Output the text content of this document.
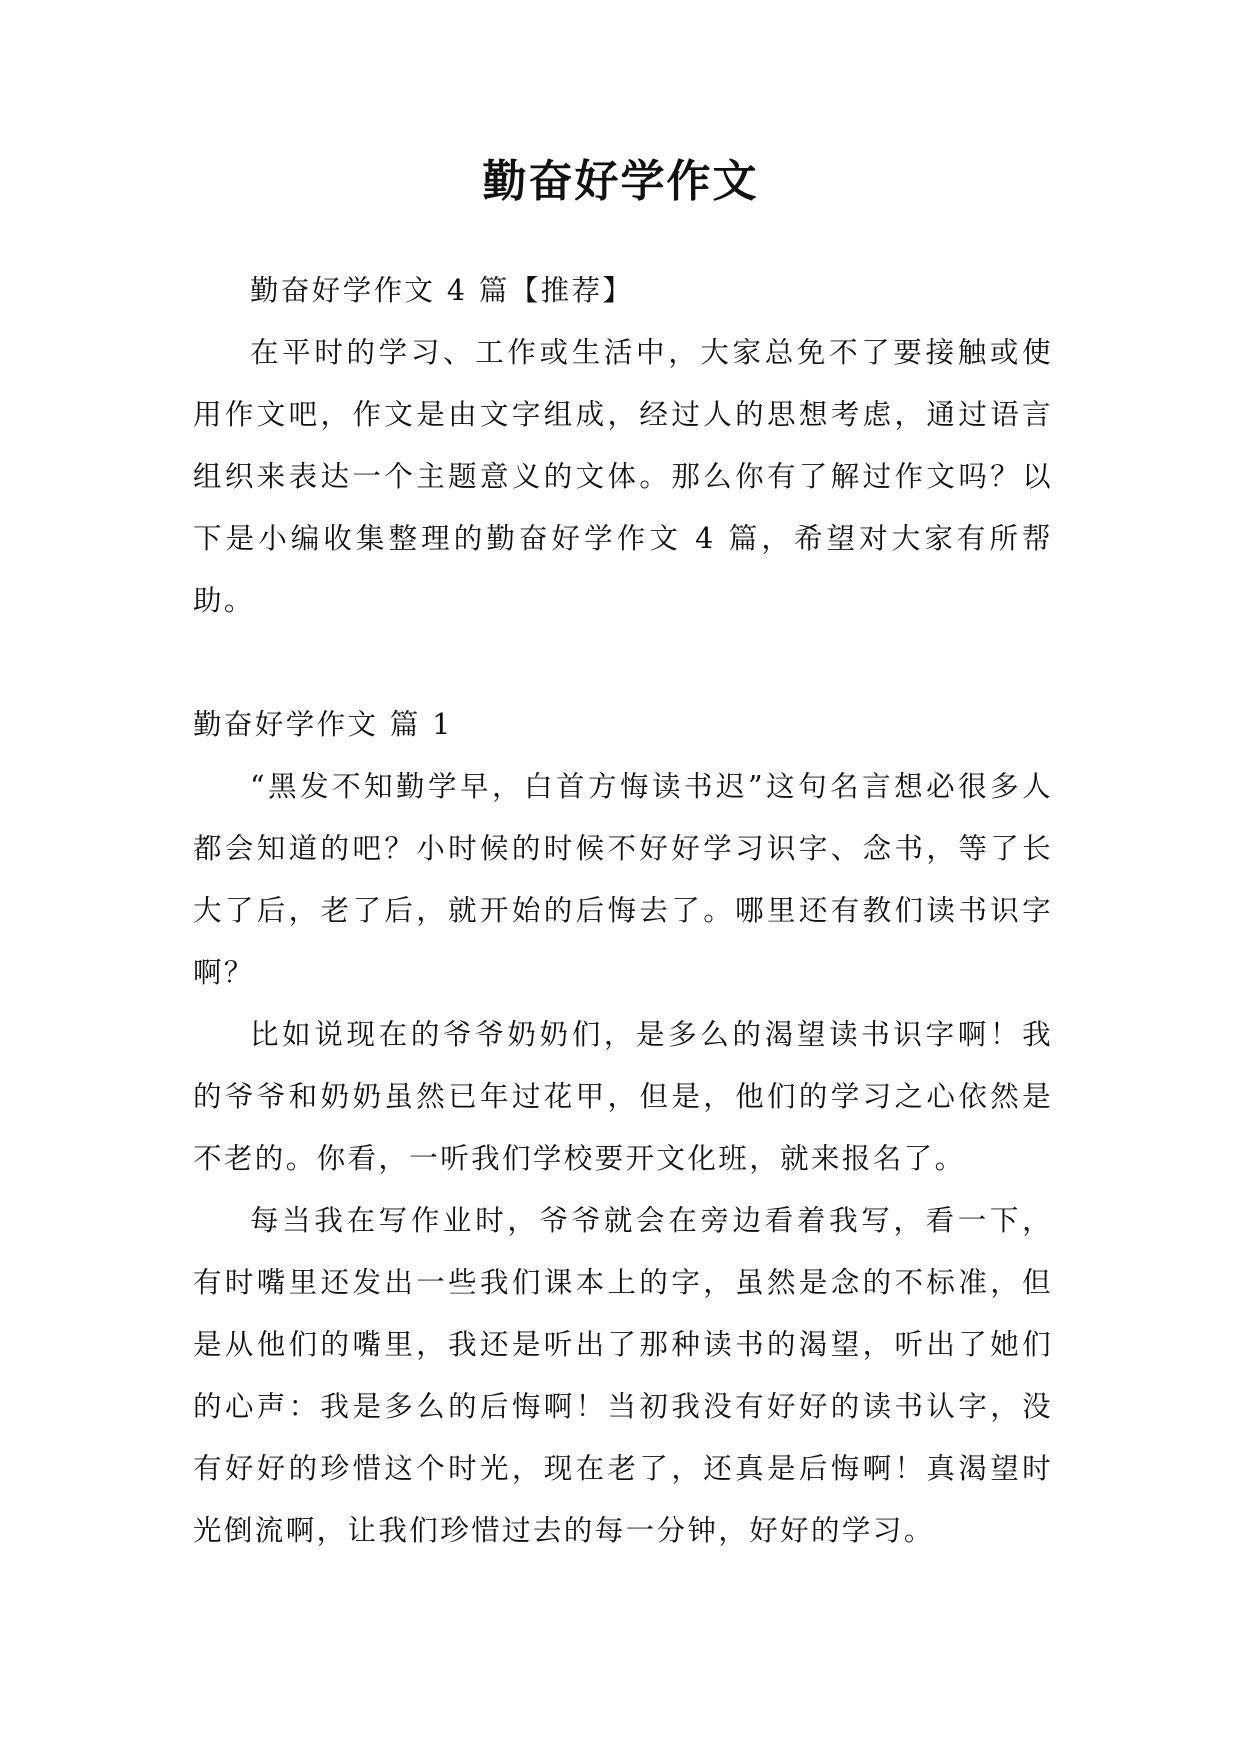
勤奋好学作文

勤奋好学作文 4 篇【推荐】

在平时的学习、工作或生活中，大家总免不了要接触或使用作文吧，作文是由文字组成，经过人的思想考虑，通过语言组织来表达一个主题意义的文体。那么你有了解过作文吗？以下是小编收集整理的勤奋好学作文 4 篇，希望对大家有所帮助。

勤奋好学作文 篇 1

“黑发不知勤学早，白首方悔读书迟”这句名言想必很多人都会知道的吧？小时候的时候不好好学习识字、念书，等了长大了后，老了后，就开始的后悔去了。哪里还有教们读书识字啊？

比如说现在的爷爷奶奶们，是多么的渴望读书识字啊！我的爷爷和奶奶虽然已年过花甲，但是，他们的学习之心依然是不老的。你看，一听我们学校要开文化班，就来报名了。

每当我在写作业时，爷爷就会在旁边看着我写，看一下，有时嘴里还发出一些我们课本上的字，虽然是念的不标准，但是从他们的嘴里，我还是听出了那种读书的渴望，听出了她们的心声：我是多么的后悔啊！当初我没有好好的读书认字，没有好好的珍惜这个时光，现在老了，还真是后悔啊！真渴望时光倒流啊，让我们珍惜过去的每一分钟，好好的学习。
